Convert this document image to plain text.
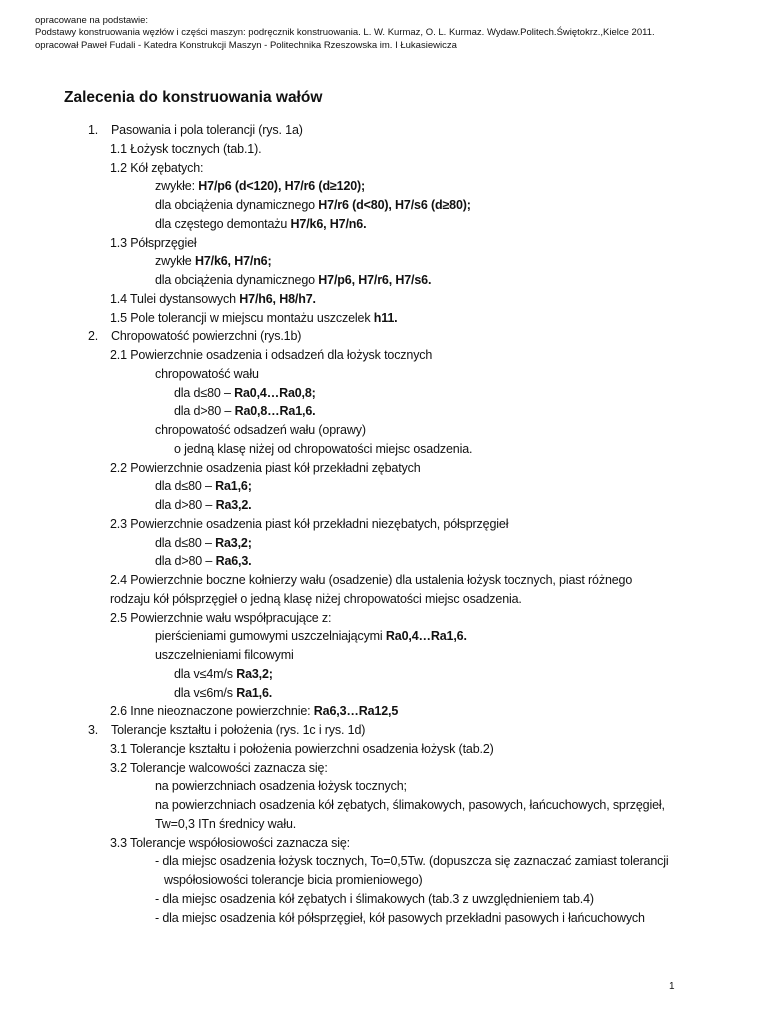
opracowane na podstawie:
Podstawy konstruowania węzłów i części maszyn: podręcznik konstruowania. L. W. Kurmaz, O. L. Kurmaz. Wydaw.Politech.Świętokrz.,Kielce 2011.
opracował Paweł Fudali - Katedra Konstrukcji Maszyn - Politechnika Rzeszowska im. I Łukasiewicza
Zalecenia do konstruowania wałów
1. Pasowania i pola tolerancji (rys. 1a)
1.1 Łożysk tocznych (tab.1).
1.2 Kół zębatych:
zwykłe: H7/p6 (d<120), H7/r6 (d≥120);
dla obciążenia dynamicznego H7/r6 (d<80), H7/s6 (d≥80);
dla częstego demontażu H7/k6, H7/n6.
1.3 Półsprzęgieł
zwykłe H7/k6, H7/n6;
dla obciążenia dynamicznego H7/p6, H7/r6, H7/s6.
1.4 Tulei dystansowych H7/h6, H8/h7.
1.5 Pole tolerancji w miejscu montażu uszczelek h11.
2. Chropowatość powierzchni (rys.1b)
2.1 Powierzchnie osadzenia i odsadzeń dla łożysk tocznych
chropowatość wału
dla d≤80 – Ra0,4…Ra0,8;
dla d>80 – Ra0,8…Ra1,6.
chropowatość odsadzeń wału (oprawy)
o jedną klasę niżej od chropowatości miejsc osadzenia.
2.2 Powierzchnie osadzenia piast kół przekładni zębatych
dla d≤80 – Ra1,6;
dla d>80 – Ra3,2.
2.3 Powierzchnie osadzenia piast kół przekładni niezębatych, półsprzęgieł
dla d≤80 – Ra3,2;
dla d>80 – Ra6,3.
2.4 Powierzchnie boczne kołnierzy wału (osadzenie) dla ustalenia łożysk tocznych, piast różnego
rodzaju kół półsprzęgieł o jedną klasę niżej chropowatości miejsc osadzenia.
2.5 Powierzchnie wału współpracujące z:
pierścieniami gumowymi uszczelniającymi Ra0,4…Ra1,6.
uszczelnieniami filcowymi
dla v≤4m/s Ra3,2;
dla v≤6m/s Ra1,6.
2.6 Inne nieoznaczone powierzchnie: Ra6,3…Ra12,5
3. Tolerancje kształtu i położenia (rys. 1c i rys. 1d)
3.1 Tolerancje kształtu i położenia powierzchni osadzenia łożysk (tab.2)
3.2 Tolerancje walcowości zaznacza się:
na powierzchniach osadzenia łożysk tocznych;
na powierzchniach osadzenia kół zębatych, ślimakowych, pasowych, łańcuchowych, sprzęgieł,
Tw=0,3 ITn średnicy wału.
3.3 Tolerancje współosiowości zaznacza się:
- dla miejsc osadzenia łożysk tocznych, To=0,5Tw. (dopuszcza się zaznaczać zamiast tolerancji
współosiowości tolerancje bicia promieniowego)
- dla miejsc osadzenia kół zębatych i ślimakowych (tab.3 z uwzględnieniem tab.4)
- dla miejsc osadzenia kół półsprzęgieł, kół pasowych przekładni pasowych i łańcuchowych
1
